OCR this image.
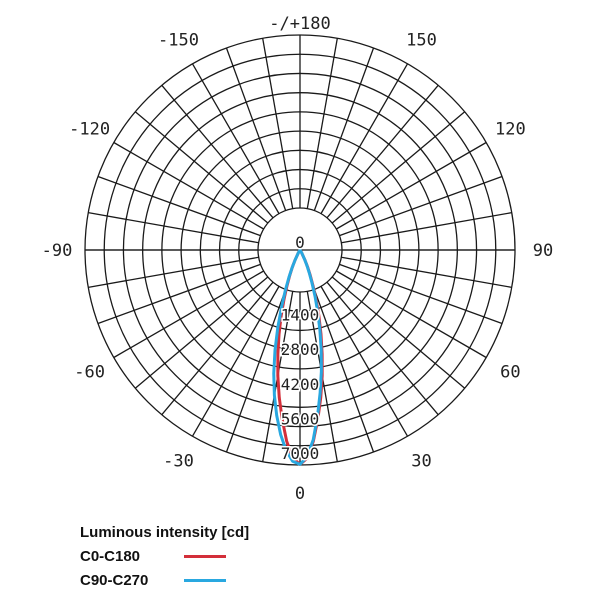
-/+180
150
120
90
60
30
0
-30
-60
-90
-120
-150
0
1400
2800
4200
5600
7000
Luminous intensity [cd]
C0-C180
C90-C270
